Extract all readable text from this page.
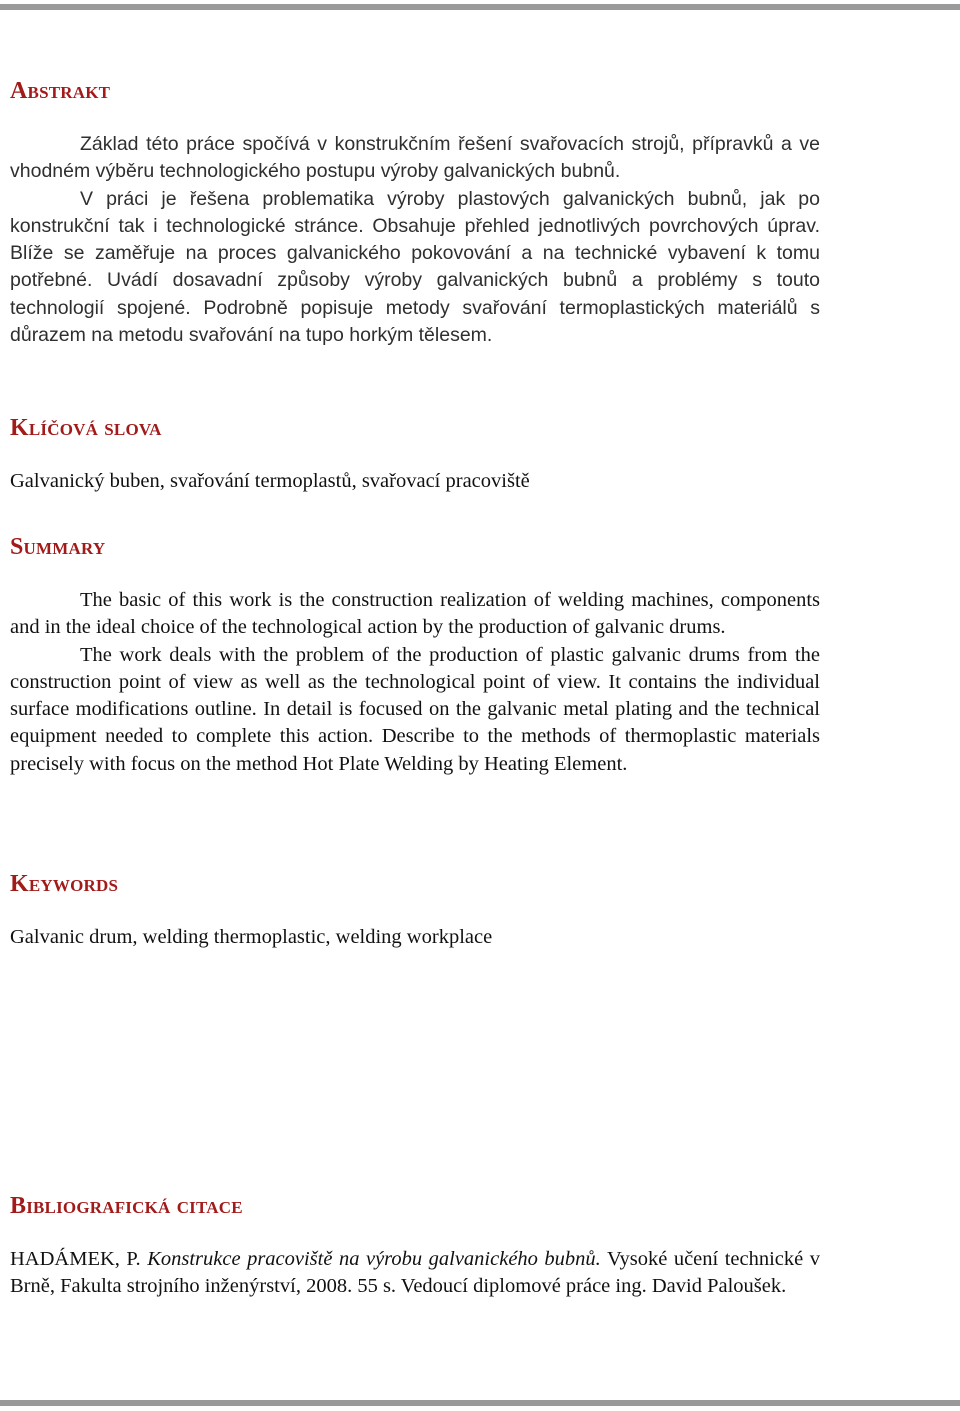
Abstrakt

Základ této práce spočívá v konstrukčním řešení svařovacích strojů, přípravků a ve vhodném výběru technologického postupu výroby galvanických bubnů.

V práci je řešena problematika výroby plastových galvanických bubnů, jak po konstrukční tak i technologické stránce. Obsahuje přehled jednotlivých povrchových úprav. Blíže se zaměřuje na proces galvanického pokovování a na technické vybavení k tomu potřebné. Uvádí dosavadní způsoby výroby galvanických bubnů a problémy s touto technologií spojené. Podrobně popisuje metody svařování termoplastických materiálů s důrazem na metodu svařování na tupo horkým tělesem.

Klíčová slova

Galvanický buben, svařování termoplastů, svařovací pracoviště

Summary

The basic of this work is the construction realization of welding machines, components and in the ideal choice of the technological action by the production of galvanic drums.

The work deals with the problem of the production of plastic galvanic drums from the construction point of view as well as the technological point of view. It contains the individual surface modifications outline. In detail is focused on the galvanic metal plating and the technical equipment needed to complete this action. Describe to the methods of thermoplastic materials precisely with focus on the method Hot Plate Welding by Heating Element.

Keywords

Galvanic drum, welding thermoplastic, welding workplace

Bibliografická citace

HADÁMEK, P. Konstrukce pracoviště na výrobu galvanického bubnů. Vysoké učení technické v Brně, Fakulta strojního inženýrství, 2008. 55 s. Vedoucí diplomové práce ing. David Paloušek.
